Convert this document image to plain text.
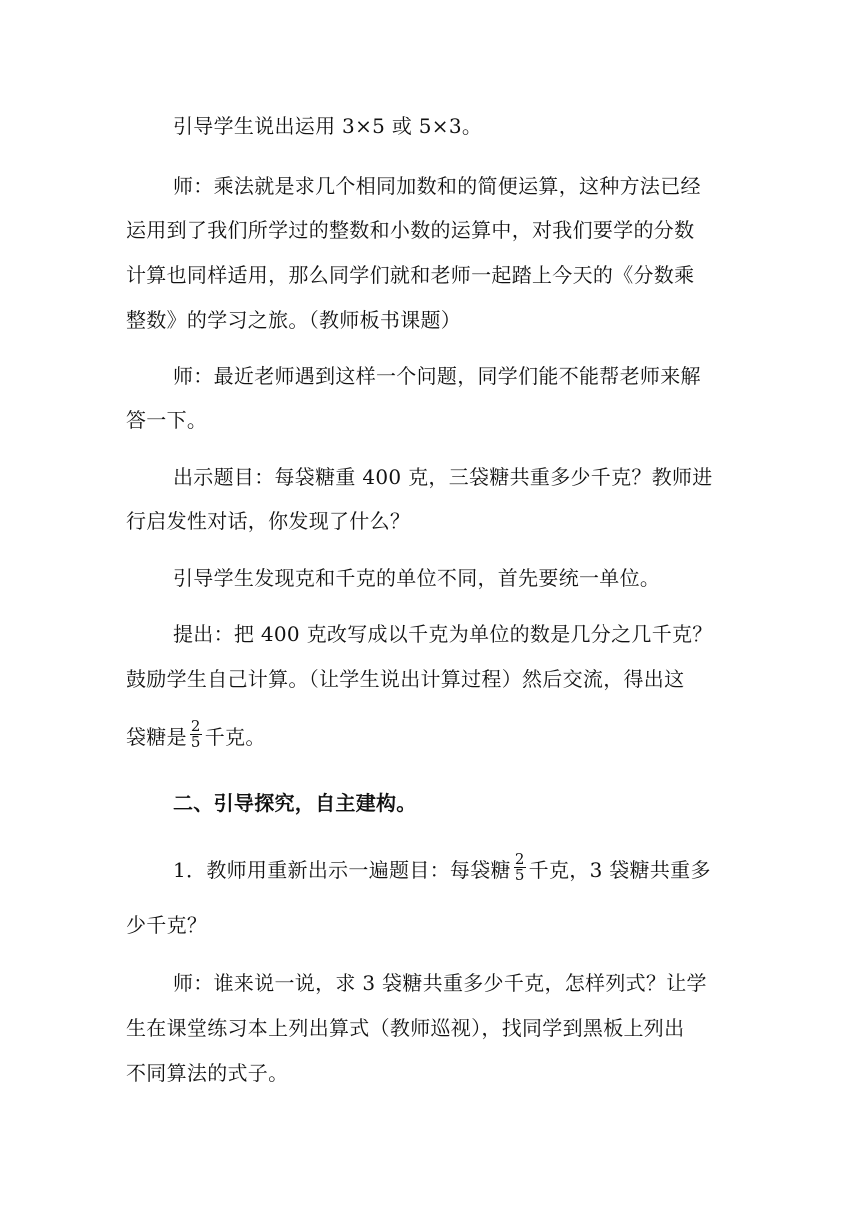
引导学生说出运用 3×5 或 5×3。
师：乘法就是求几个相同加数和的简便运算，这种方法已经
运用到了我们所学过的整数和小数的运算中，对我们要学的分数
计算也同样适用，那么同学们就和老师一起踏上今天的《分数乘
整数》的学习之旅。（教师板书课题）
师：最近老师遇到这样一个问题，同学们能不能帮老师来解
答一下。
出示题目：每袋糖重 400 克，三袋糖共重多少千克？教师进
行启发性对话，你发现了什么？
引导学生发现克和千克的单位不同，首先要统一单位。
提出：把 400 克改写成以千克为单位的数是几分之几千克？
鼓励学生自己计算。（让学生说出计算过程）然后交流，得出这
袋糖是 $\frac{2}{5}$ 千克。
二、引导探究，自主建构。
1．教师用重新出示一遍题目：每袋糖 $\frac{2}{5}$ 千克，3 袋糖共重多
少千克？
师：谁来说一说，求 3 袋糖共重多少千克，怎样列式？让学
生在课堂练习本上列出算式（教师巡视），找同学到黑板上列出
不同算法的式子。
